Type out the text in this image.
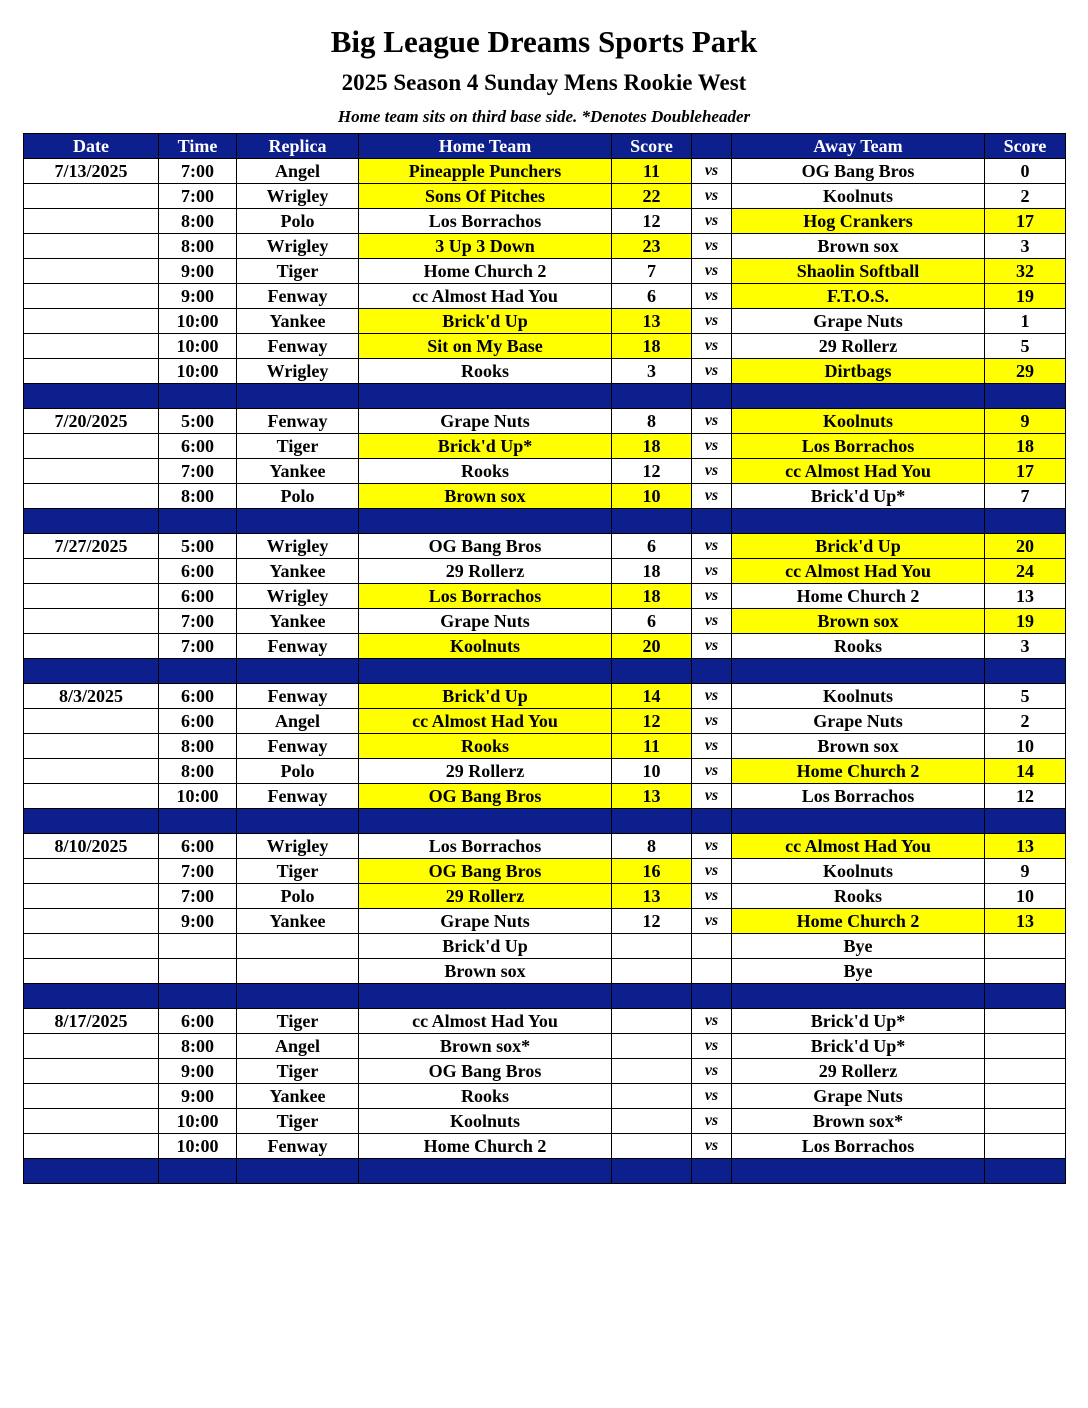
Big League Dreams Sports Park
2025 Season 4 Sunday Mens Rookie West
Home team sits on third base side. *Denotes Doubleheader
Date	Time	Replica	Home Team	Score		Away Team	Score
7/13/2025	7:00	Angel	Pineapple Punchers	11	vs	OG Bang Bros	0
	7:00	Wrigley	Sons Of Pitches	22	vs	Koolnuts	2
	8:00	Polo	Los Borrachos	12	vs	Hog Crankers	17
	8:00	Wrigley	3 Up 3 Down	23	vs	Brown sox	3
	9:00	Tiger	Home Church 2	7	vs	Shaolin Softball	32
	9:00	Fenway	cc Almost Had You	6	vs	F.T.O.S.	19
	10:00	Yankee	Brick'd Up	13	vs	Grape Nuts	1
	10:00	Fenway	Sit on My Base	18	vs	29 Rollerz	5
	10:00	Wrigley	Rooks	3	vs	Dirtbags	29

7/20/2025	5:00	Fenway	Grape Nuts	8	vs	Koolnuts	9
	6:00	Tiger	Brick'd Up*	18	vs	Los Borrachos	18
	7:00	Yankee	Rooks	12	vs	cc Almost Had You	17
	8:00	Polo	Brown sox	10	vs	Brick'd Up*	7

7/27/2025	5:00	Wrigley	OG Bang Bros	6	vs	Brick'd Up	20
	6:00	Yankee	29 Rollerz	18	vs	cc Almost Had You	24
	6:00	Wrigley	Los Borrachos	18	vs	Home Church 2	13
	7:00	Yankee	Grape Nuts	6	vs	Brown sox	19
	7:00	Fenway	Koolnuts	20	vs	Rooks	3

8/3/2025	6:00	Fenway	Brick'd Up	14	vs	Koolnuts	5
	6:00	Angel	cc Almost Had You	12	vs	Grape Nuts	2
	8:00	Fenway	Rooks	11	vs	Brown sox	10
	8:00	Polo	29 Rollerz	10	vs	Home Church 2	14
	10:00	Fenway	OG Bang Bros	13	vs	Los Borrachos	12

8/10/2025	6:00	Wrigley	Los Borrachos	8	vs	cc Almost Had You	13
	7:00	Tiger	OG Bang Bros	16	vs	Koolnuts	9
	7:00	Polo	29 Rollerz	13	vs	Rooks	10
	9:00	Yankee	Grape Nuts	12	vs	Home Church 2	13
			Brick'd Up			Bye	
			Brown sox			Bye	

8/17/2025	6:00	Tiger	cc Almost Had You		vs	Brick'd Up*	
	8:00	Angel	Brown sox*		vs	Brick'd Up*	
	9:00	Tiger	OG Bang Bros		vs	29 Rollerz	
	9:00	Yankee	Rooks		vs	Grape Nuts	
	10:00	Tiger	Koolnuts		vs	Brown sox*	
	10:00	Fenway	Home Church 2		vs	Los Borrachos	
